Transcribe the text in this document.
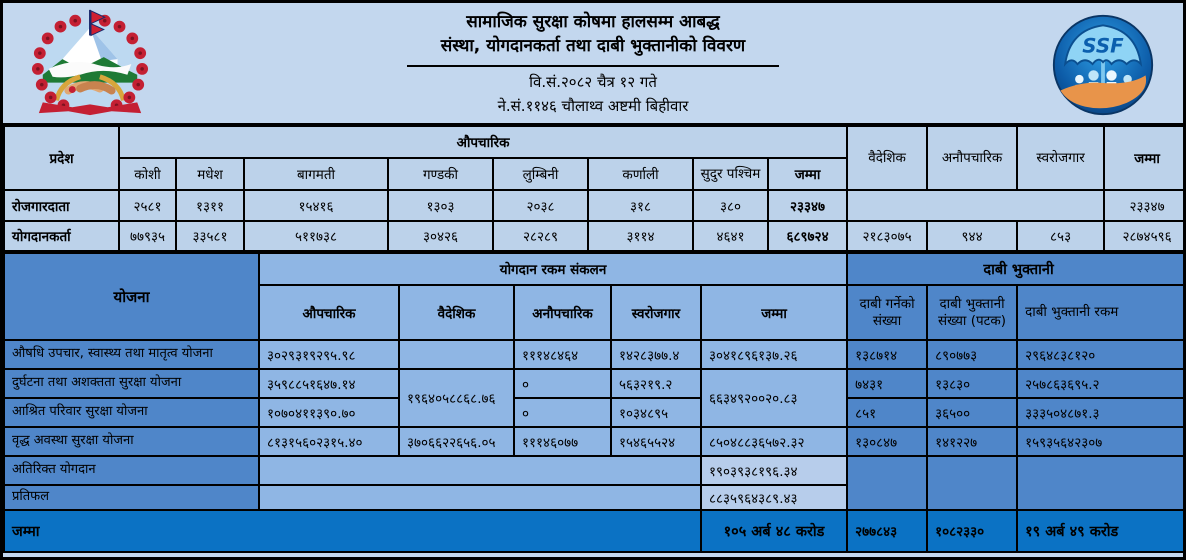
सामाजिक सुरक्षा कोषमा हालसम्म आबद्ध
संस्था, योगदानकर्ता तथा दाबी भुक्तानीको विवरण
वि.सं.२०८२ चैत्र १२ गते
ने.सं.११४६ चौलाथ्व अष्टमी बिहीवार
SSF
प्रदेश	औपचारिक								वैदेशिक	अनौपचारिक	स्वरोजगार	जम्मा
	कोशी	मधेश	बागमती	गण्डकी	लुम्बिनी	कर्णाली	सुदुर पश्चिम	जम्मा				
रोजगारदाता	२५८१	१३११	१५४१६	१३०३	२०३८	३१८	३८०	२३३४७				२३३४७
योगदानकर्ता	७७९३५	३३५८१	५११७३८	३०४२६	२८२८९	३११४	४६४१	६८९७२४	२१८३०७५	९४४	८५३	२८७४५९६
योजना	योगदान रकम संकलन					दाबी भुक्तानी		
	औपचारिक	वैदेशिक	अनौपचारिक	स्वरोजगार	जम्मा	दाबी गर्नेको संख्या	दाबी भुक्तानी संख्या (पटक)	दाबी भुक्तानी रकम
औषधि उपचार, स्वास्थ्य तथा मातृत्व योजना	३०२९३१९२९५.९८		१११४८४६४	१४२८३७७.४	३०४१८९६१३७.२६	१३८७१४	८९०७७३	२९६४८३८१२०
दुर्घटना तथा अशक्तता सुरक्षा योजना	३५९८८५१६४७.१४	१९६४०५८८६८.७६	०	५६३२१९.२	६६३४९२००२०.८३	७४३१	१३८३०	२५७८६३६९५.२
आश्रित परिवार सुरक्षा योजना	१०७०४११३९०.७०		०	१०३४८९५		८५१	३६५००	३३३५०४८७१.३
वृद्ध अवस्था सुरक्षा योजना	८१३१५६०२३१५.४०	३७०६६२२६५६.०५	१११४६०७७	१५४६५५२४	८५०४८८३६५७२.३२	१३०८४७	१४१२२७	१५९३५६४२३०७
अतिरिक्त योगदान					१९०३९३८१९६.३४			
प्रतिफल					८८३५९६४३८९.४३			
जम्मा					१०५ अर्ब ४८ करोड	२७७८४३	१०८२३३०	१९ अर्ब ४९ करोड
